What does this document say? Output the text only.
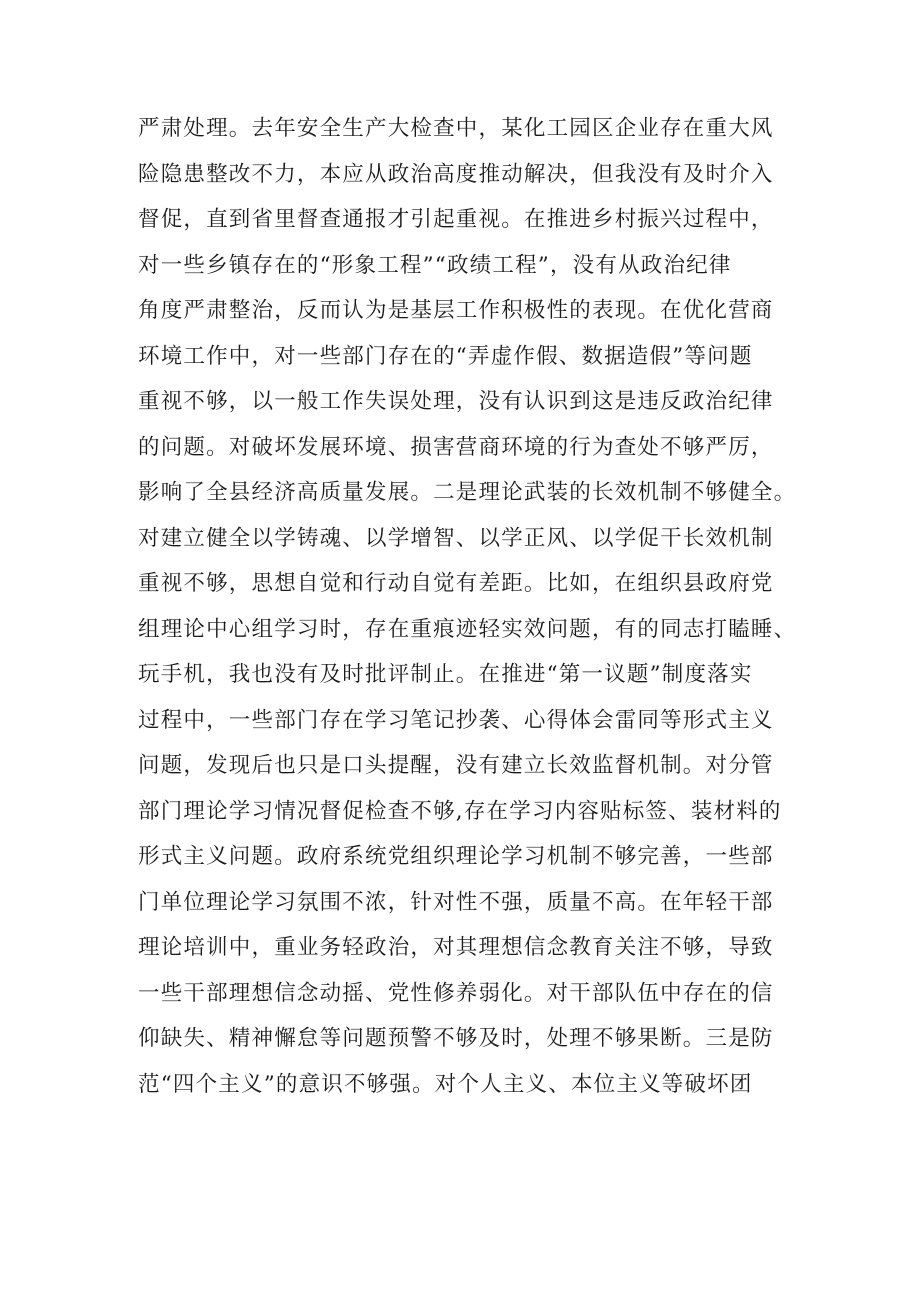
严肃处理。去年安全生产大检查中，某化工园区企业存在重大风
险隐患整改不力，本应从政治高度推动解决，但我没有及时介入
督促，直到省里督查通报才引起重视。在推进乡村振兴过程中，
对一些乡镇存在的“形象工程”“政绩工程”，没有从政治纪律
角度严肃整治，反而认为是基层工作积极性的表现。在优化营商
环境工作中，对一些部门存在的“弄虚作假、数据造假”等问题
重视不够，以一般工作失误处理，没有认识到这是违反政治纪律
的问题。对破坏发展环境、损害营商环境的行为查处不够严厉，
影响了全县经济高质量发展。二是理论武装的长效机制不够健全。
对建立健全以学铸魂、以学增智、以学正风、以学促干长效机制
重视不够，思想自觉和行动自觉有差距。比如，在组织县政府党
组理论中心组学习时，存在重痕迹轻实效问题，有的同志打瞌睡、
玩手机，我也没有及时批评制止。在推进“第一议题”制度落实
过程中，一些部门存在学习笔记抄袭、心得体会雷同等形式主义
问题，发现后也只是口头提醒，没有建立长效监督机制。对分管
部门理论学习情况督促检查不够,存在学习内容贴标签、装材料的
形式主义问题。政府系统党组织理论学习机制不够完善，一些部
门单位理论学习氛围不浓，针对性不强，质量不高。在年轻干部
理论培训中，重业务轻政治，对其理想信念教育关注不够，导致
一些干部理想信念动摇、党性修养弱化。对干部队伍中存在的信
仰缺失、精神懈怠等问题预警不够及时，处理不够果断。三是防
范“四个主义”的意识不够强。对个人主义、本位主义等破坏团
